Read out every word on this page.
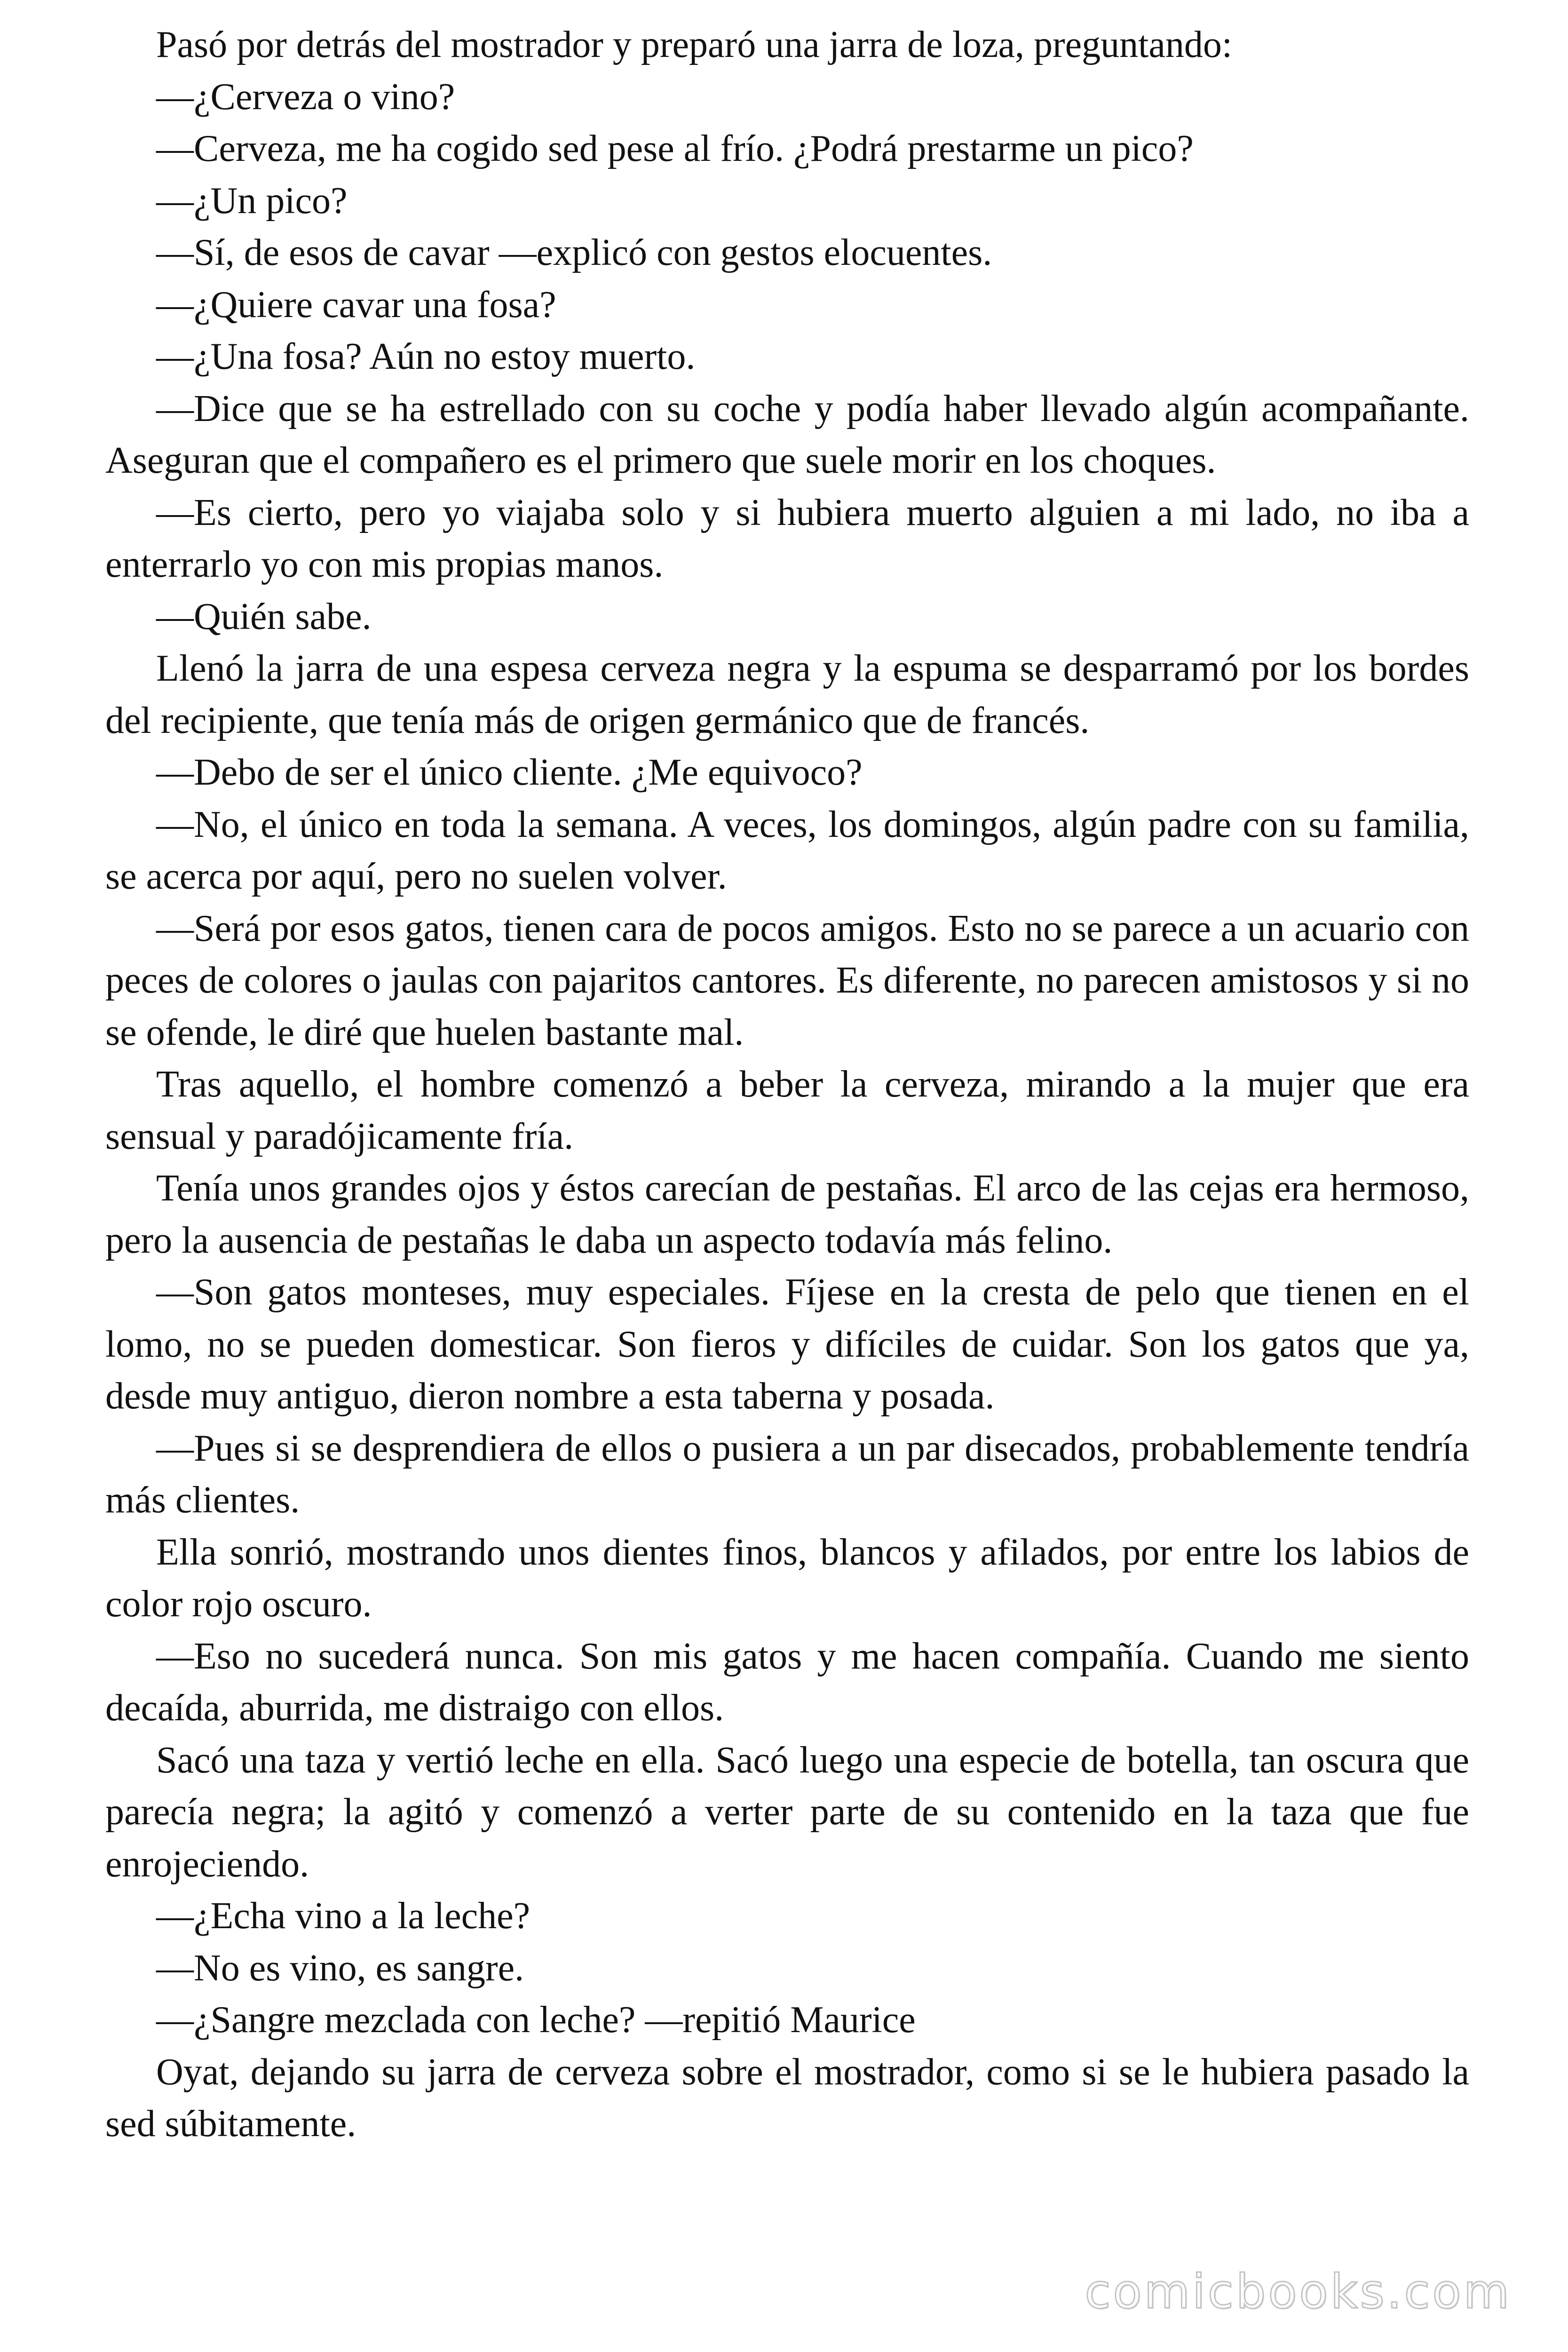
Pasó por detrás del mostrador y preparó una jarra de loza, preguntando:

—¿Cerveza o vino?

—Cerveza, me ha cogido sed pese al frío. ¿Podrá prestarme un pico?

—¿Un pico?

—Sí, de esos de cavar —explicó con gestos elocuentes.

—¿Quiere cavar una fosa?

—¿Una fosa? Aún no estoy muerto.

—Dice que se ha estrellado con su coche y podía haber llevado algún acompañante. Aseguran que el compañero es el primero que suele morir en los choques.

—Es cierto, pero yo viajaba solo y si hubiera muerto alguien a mi lado, no iba a enterrarlo yo con mis propias manos.

—Quién sabe.

Llenó la jarra de una espesa cerveza negra y la espuma se desparramó por los bordes del recipiente, que tenía más de origen germánico que de francés.

—Debo de ser el único cliente. ¿Me equivoco?

—No, el único en toda la semana. A veces, los domingos, algún padre con su familia, se acerca por aquí, pero no suelen volver.

—Será por esos gatos, tienen cara de pocos amigos. Esto no se parece a un acuario con peces de colores o jaulas con pajaritos cantores. Es diferente, no parecen amistosos y si no se ofende, le diré que huelen bastante mal.

Tras aquello, el hombre comenzó a beber la cerveza, mirando a la mujer que era sensual y paradójicamente fría.

Tenía unos grandes ojos y éstos carecían de pestañas. El arco de las cejas era hermoso, pero la ausencia de pestañas le daba un aspecto todavía más felino.

—Son gatos monteses, muy especiales. Fíjese en la cresta de pelo que tienen en el lomo, no se pueden domesticar. Son fieros y difíciles de cuidar. Son los gatos que ya, desde muy antiguo, dieron nombre a esta taberna y posada.

—Pues si se desprendiera de ellos o pusiera a un par disecados, probablemente tendría más clientes.

Ella sonrió, mostrando unos dientes finos, blancos y afilados, por entre los labios de color rojo oscuro.

—Eso no sucederá nunca. Son mis gatos y me hacen compañía. Cuando me siento decaída, aburrida, me distraigo con ellos.

Sacó una taza y vertió leche en ella. Sacó luego una especie de botella, tan oscura que parecía negra; la agitó y comenzó a verter parte de su contenido en la taza que fue enrojeciendo.

—¿Echa vino a la leche?

—No es vino, es sangre.

—¿Sangre mezclada con leche? —repitió Maurice

Oyat, dejando su jarra de cerveza sobre el mostrador, como si se le hubiera pasado la sed súbitamente.

comicbooks.com
